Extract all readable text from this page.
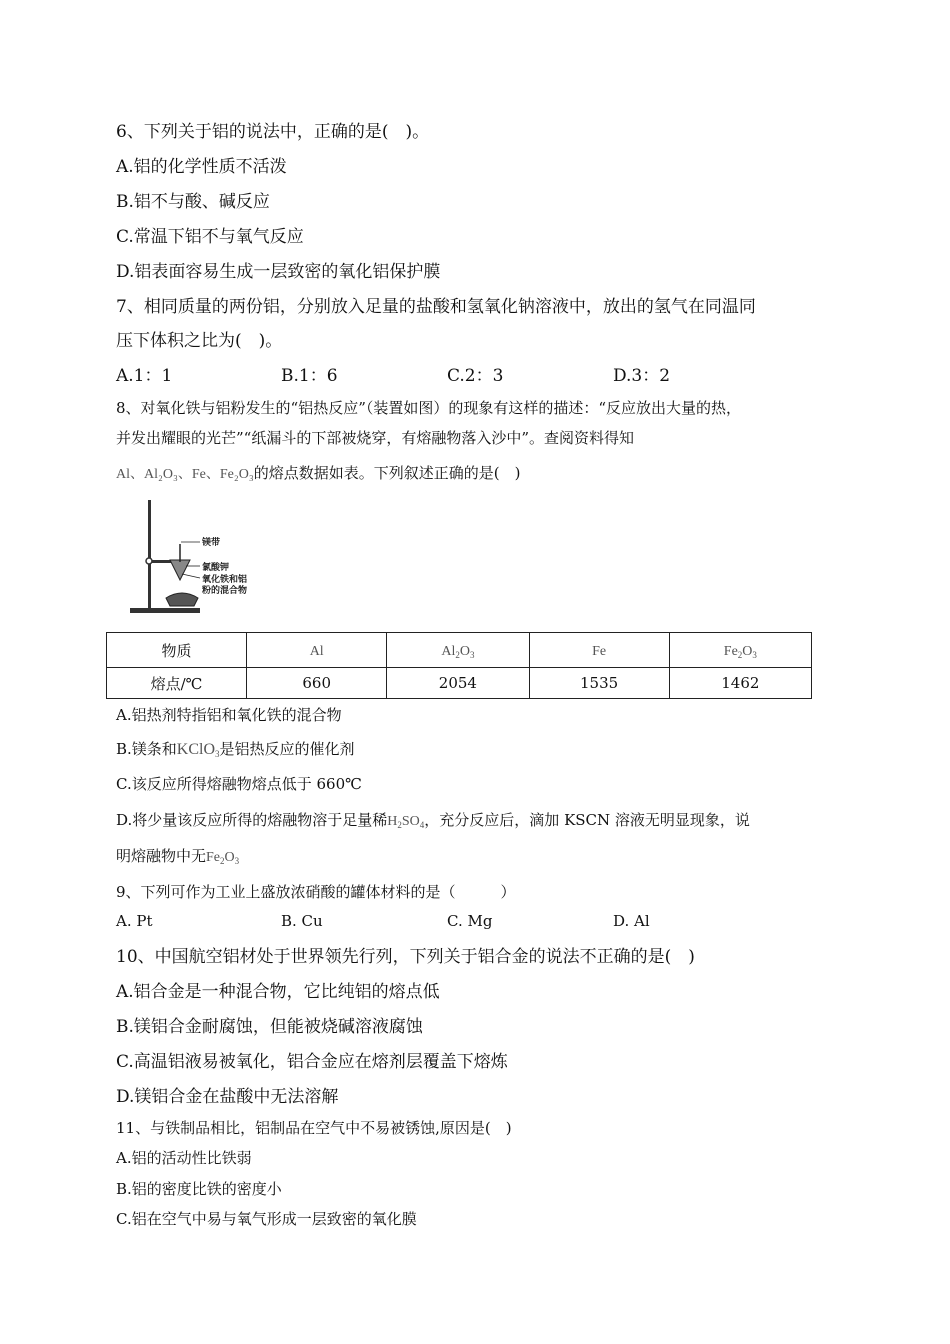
6、下列关于铝的说法中，正确的是(　)。
A.铝的化学性质不活泼
B.铝不与酸、碱反应
C.常温下铝不与氧气反应
D.铝表面容易生成一层致密的氧化铝保护膜
7、相同质量的两份铝，分别放入足量的盐酸和氢氧化钠溶液中，放出的氢气在同温同
压下体积之比为(　)。
A.1：1	B.1：6	C.2：3	D.3：2
8、对氧化铁与铝粉发生的“铝热反应”（装置如图）的现象有这样的描述：“反应放出大量的热，
并发出耀眼的光芒”“纸漏斗的下部被烧穿，有熔融物落入沙中”。查阅资料得知
Al、Al₂O₃、Fe、Fe₂O₃的熔点数据如表。下列叙述正确的是(　)
镁带
氯酸钾
氧化铁和铝
粉的混合物
物质	Al	$Al_2O_3$	Fe	$Fe_2O_3$
熔点/℃	660	2054	1535	1462
A.铝热剂特指铝和氧化铁的混合物
B.镁条和KClO$_3$是铝热反应的催化剂
C.该反应所得熔融物熔点低于 660℃
D.将少量该反应所得的熔融物溶于足量稀$H_2SO_4$，充分反应后，滴加 KSCN 溶液无明显现象，说
明熔融物中无$Fe_2O_3$
9、下列可作为工业上盛放浓硝酸的罐体材料的是（　　　）
A. Pt	B. Cu	C. Mg	D. Al
10、中国航空铝材处于世界领先行列，下列关于铝合金的说法不正确的是(　)
A.铝合金是一种混合物，它比纯铝的熔点低
B.镁铝合金耐腐蚀，但能被烧碱溶液腐蚀
C.高温铝液易被氧化，铝合金应在熔剂层覆盖下熔炼
D.镁铝合金在盐酸中无法溶解
11、与铁制品相比，铝制品在空气中不易被锈蚀,原因是(　)
A.铝的活动性比铁弱
B.铝的密度比铁的密度小
C.铝在空气中易与氧气形成一层致密的氧化膜
